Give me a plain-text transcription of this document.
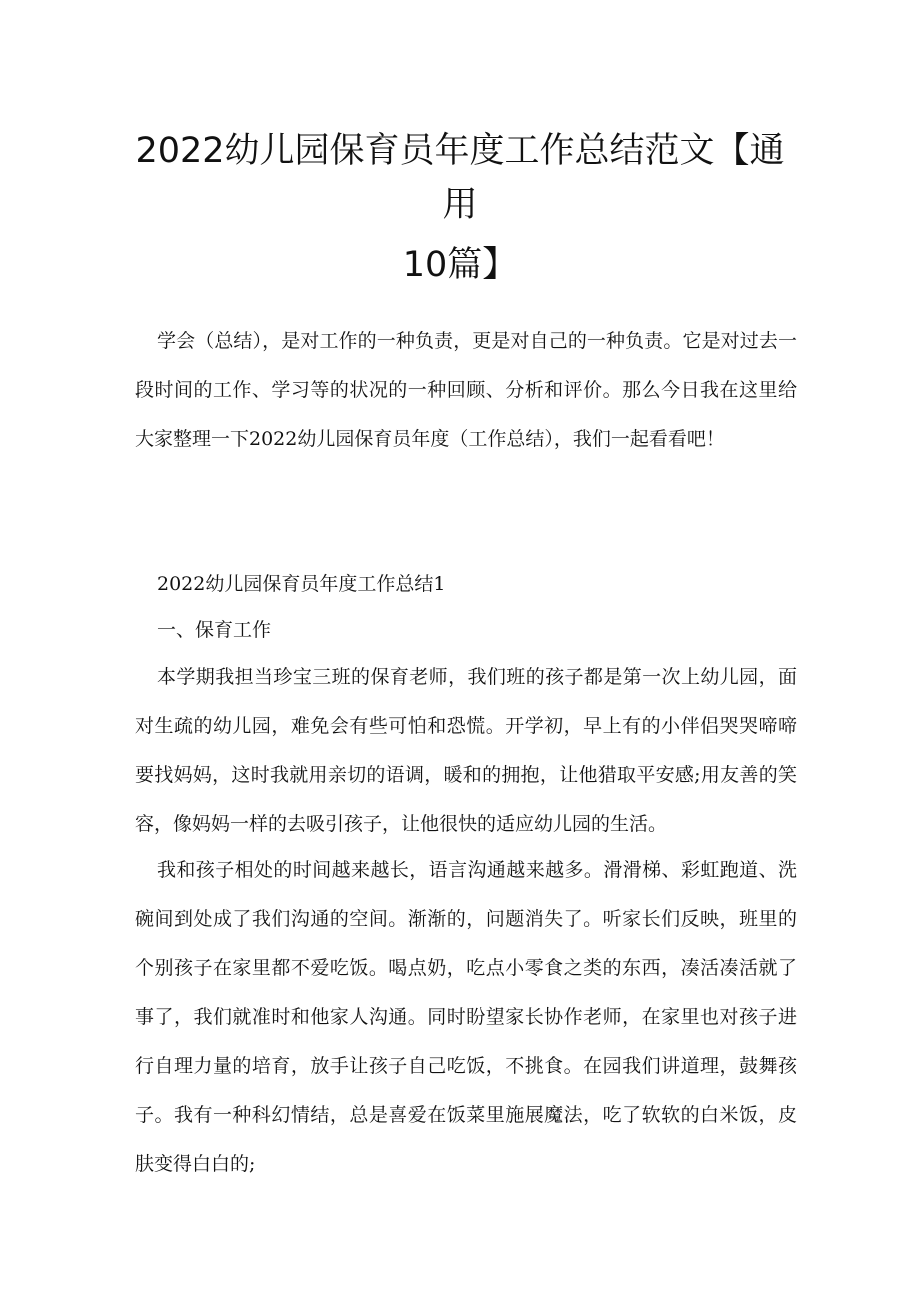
2022幼儿园保育员年度工作总结范文【通
用
10篇】

学会（总结），是对工作的一种负责，更是对自己的一种负责。它是对过去一段时间的工作、学习等的状况的一种回顾、分析和评价。那么今日我在这里给大家整理一下2022幼儿园保育员年度（工作总结），我们一起看看吧！

2022幼儿园保育员年度工作总结1

一、保育工作

本学期我担当珍宝三班的保育老师，我们班的孩子都是第一次上幼儿园，面对生疏的幼儿园，难免会有些可怕和恐慌。开学初，早上有的小伴侣哭哭啼啼要找妈妈，这时我就用亲切的语调，暖和的拥抱，让他猎取平安感;用友善的笑容，像妈妈一样的去吸引孩子，让他很快的适应幼儿园的生活。

我和孩子相处的时间越来越长，语言沟通越来越多。滑滑梯、彩虹跑道、洗碗间到处成了我们沟通的空间。渐渐的，问题消失了。听家长们反映，班里的个别孩子在家里都不爱吃饭。喝点奶，吃点小零食之类的东西，凑活凑活就了事了，我们就准时和他家人沟通。同时盼望家长协作老师，在家里也对孩子进行自理力量的培育，放手让孩子自己吃饭，不挑食。在园我们讲道理，鼓舞孩子。我有一种科幻情结，总是喜爱在饭菜里施展魔法，吃了软软的白米饭，皮肤变得白白的;
